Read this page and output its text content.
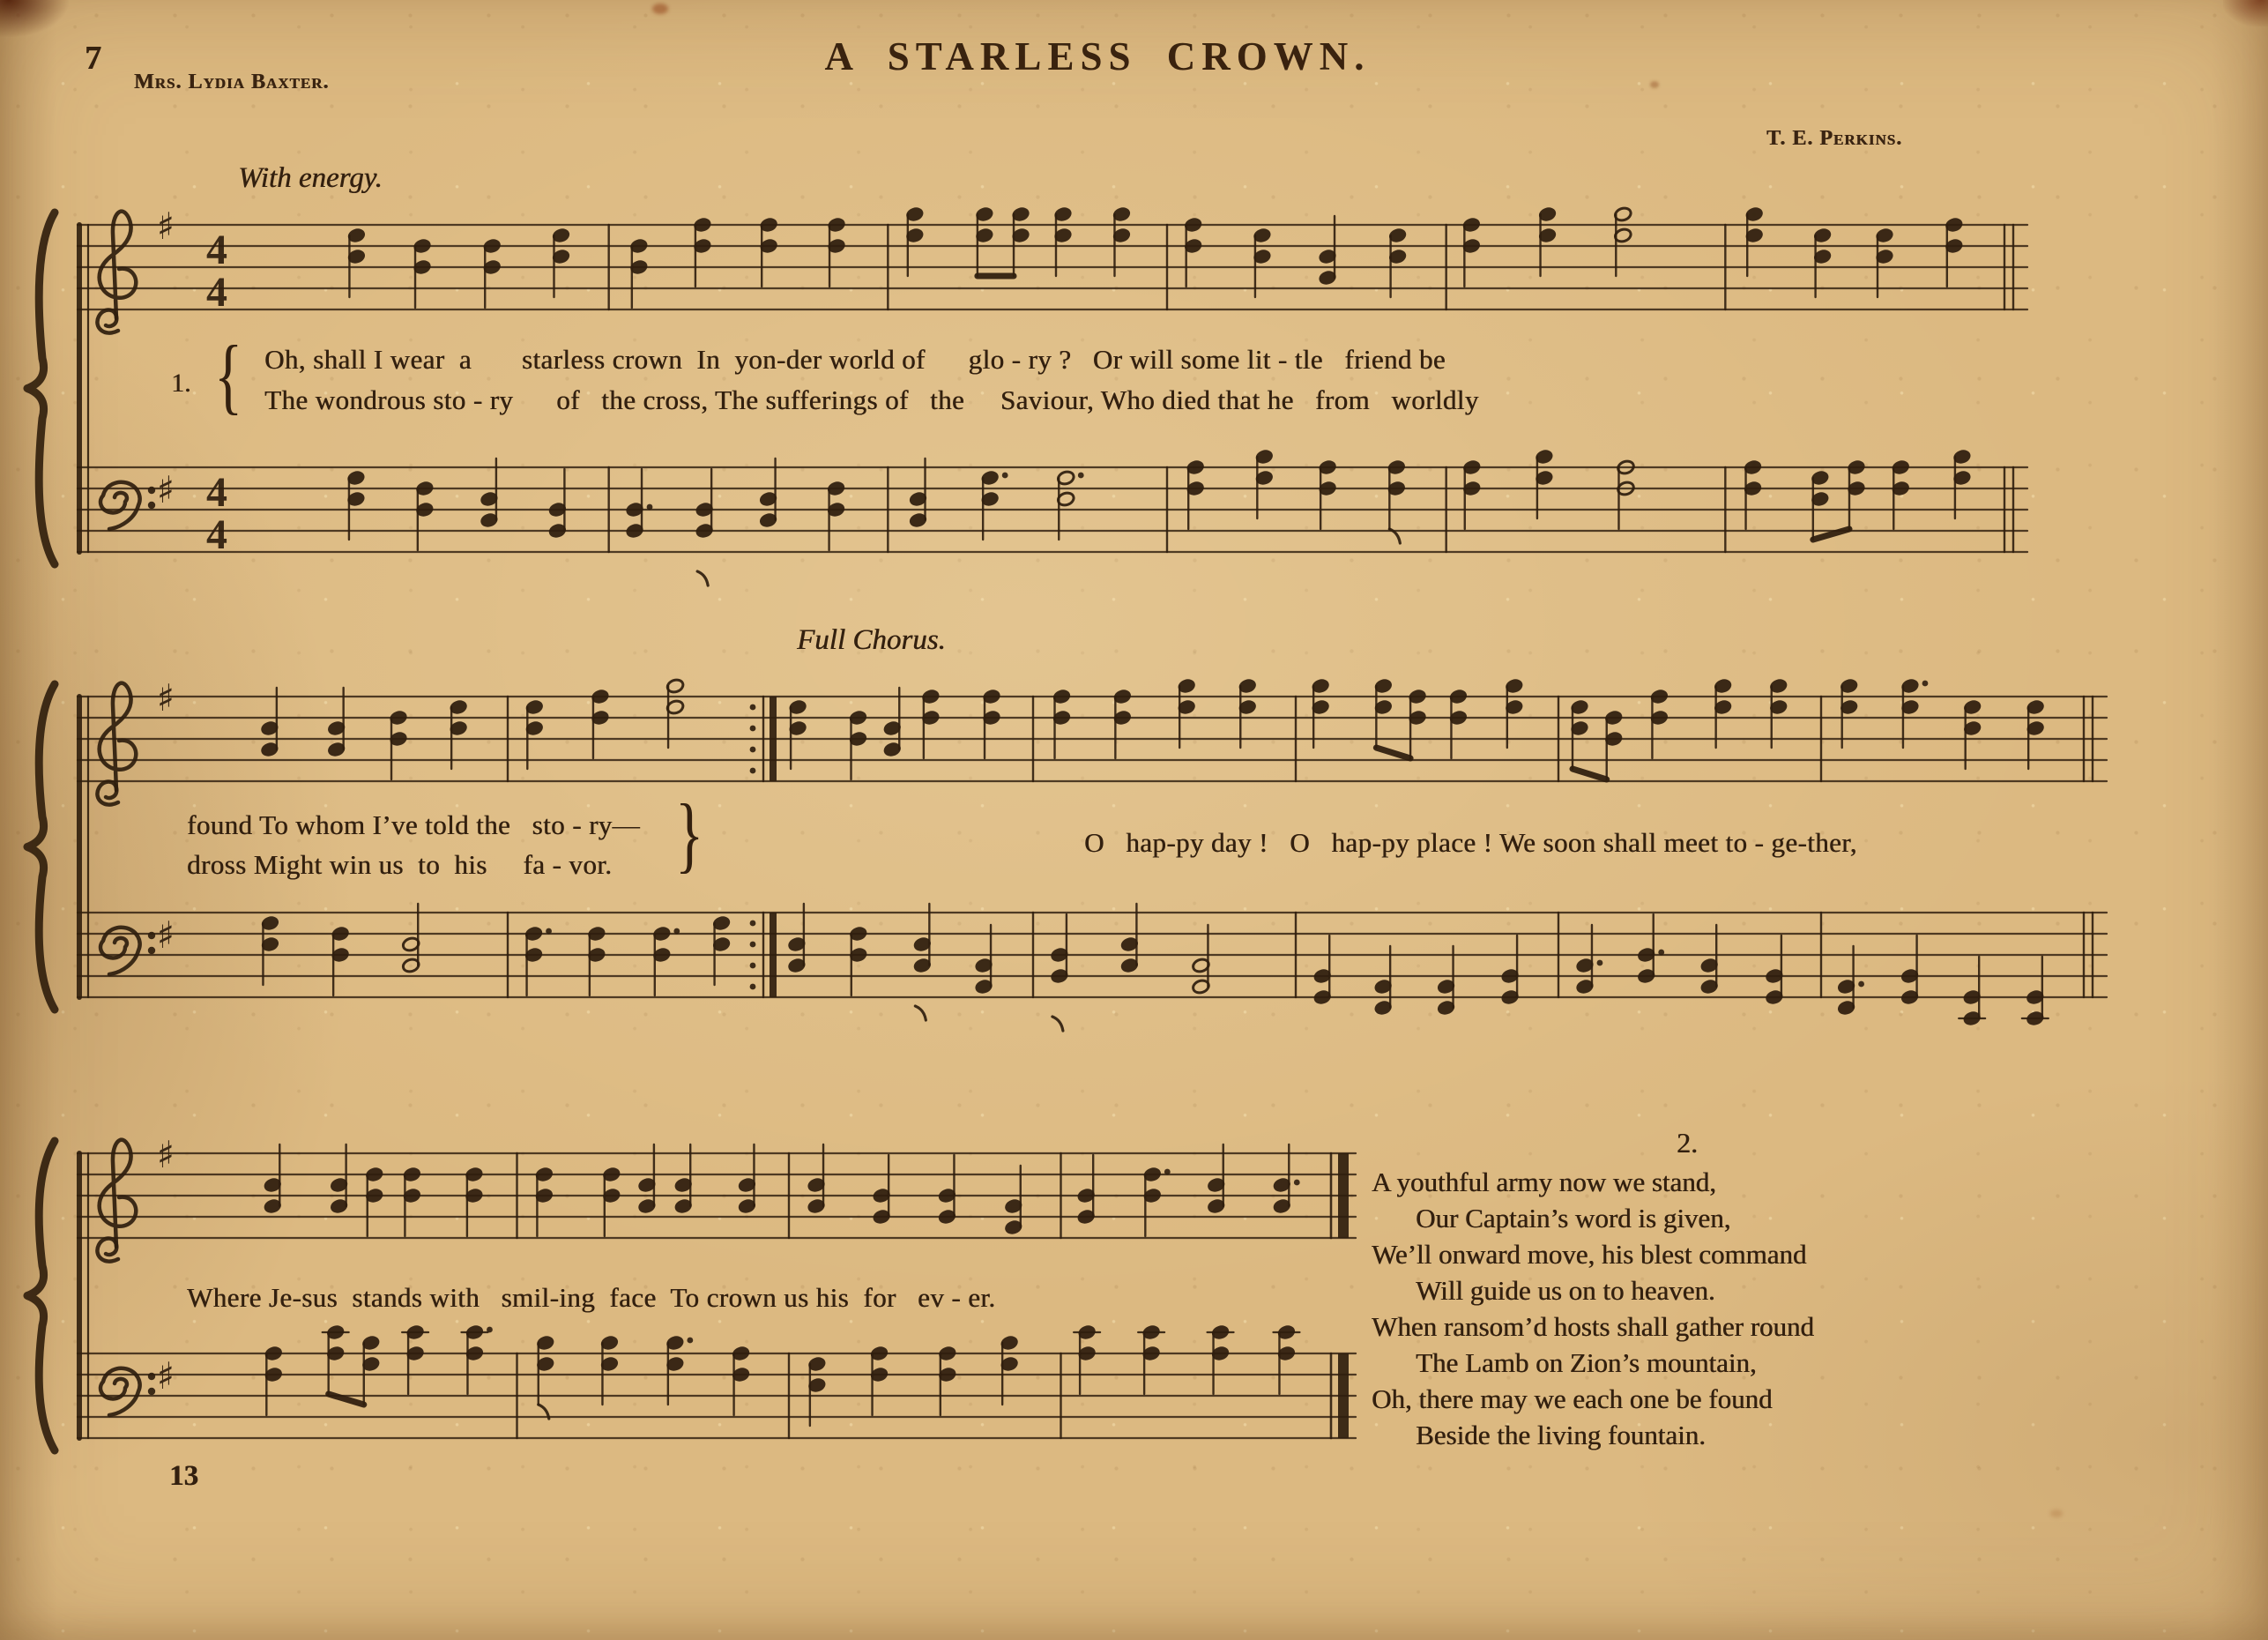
♯
♯
4
4
4
4
♯
♯
♯
♯
7	A STARLESS CROWN.
Mrs. Lydia Baxter.
T. E. Perkins.
With energy.
Full Chorus.
1. { Oh, shall I wear  a       starless crown  In  yon-der world of      glo - ry ?   Or will some lit - tle   friend be
The wondrous sto - ry      of   the cross, The sufferings of   the     Saviour, Who died that he   from   worldly
found To whom I’ve told the   sto - ry—
dross Might win us  to  his     fa - vor. }	O   hap-py day !   O   hap-py place ! We soon shall meet to - ge-ther,
Where Je-sus  stands with   smil-ing  face  To crown us his  for   ev - er.
2.
A youthful army now we stand,
Our Captain’s word is given,
We’ll onward move, his blest command
Will guide us on to heaven.
When ransom’d hosts shall gather round
The Lamb on Zion’s mountain,
Oh, there may we each one be found
Beside the living fountain.
13
